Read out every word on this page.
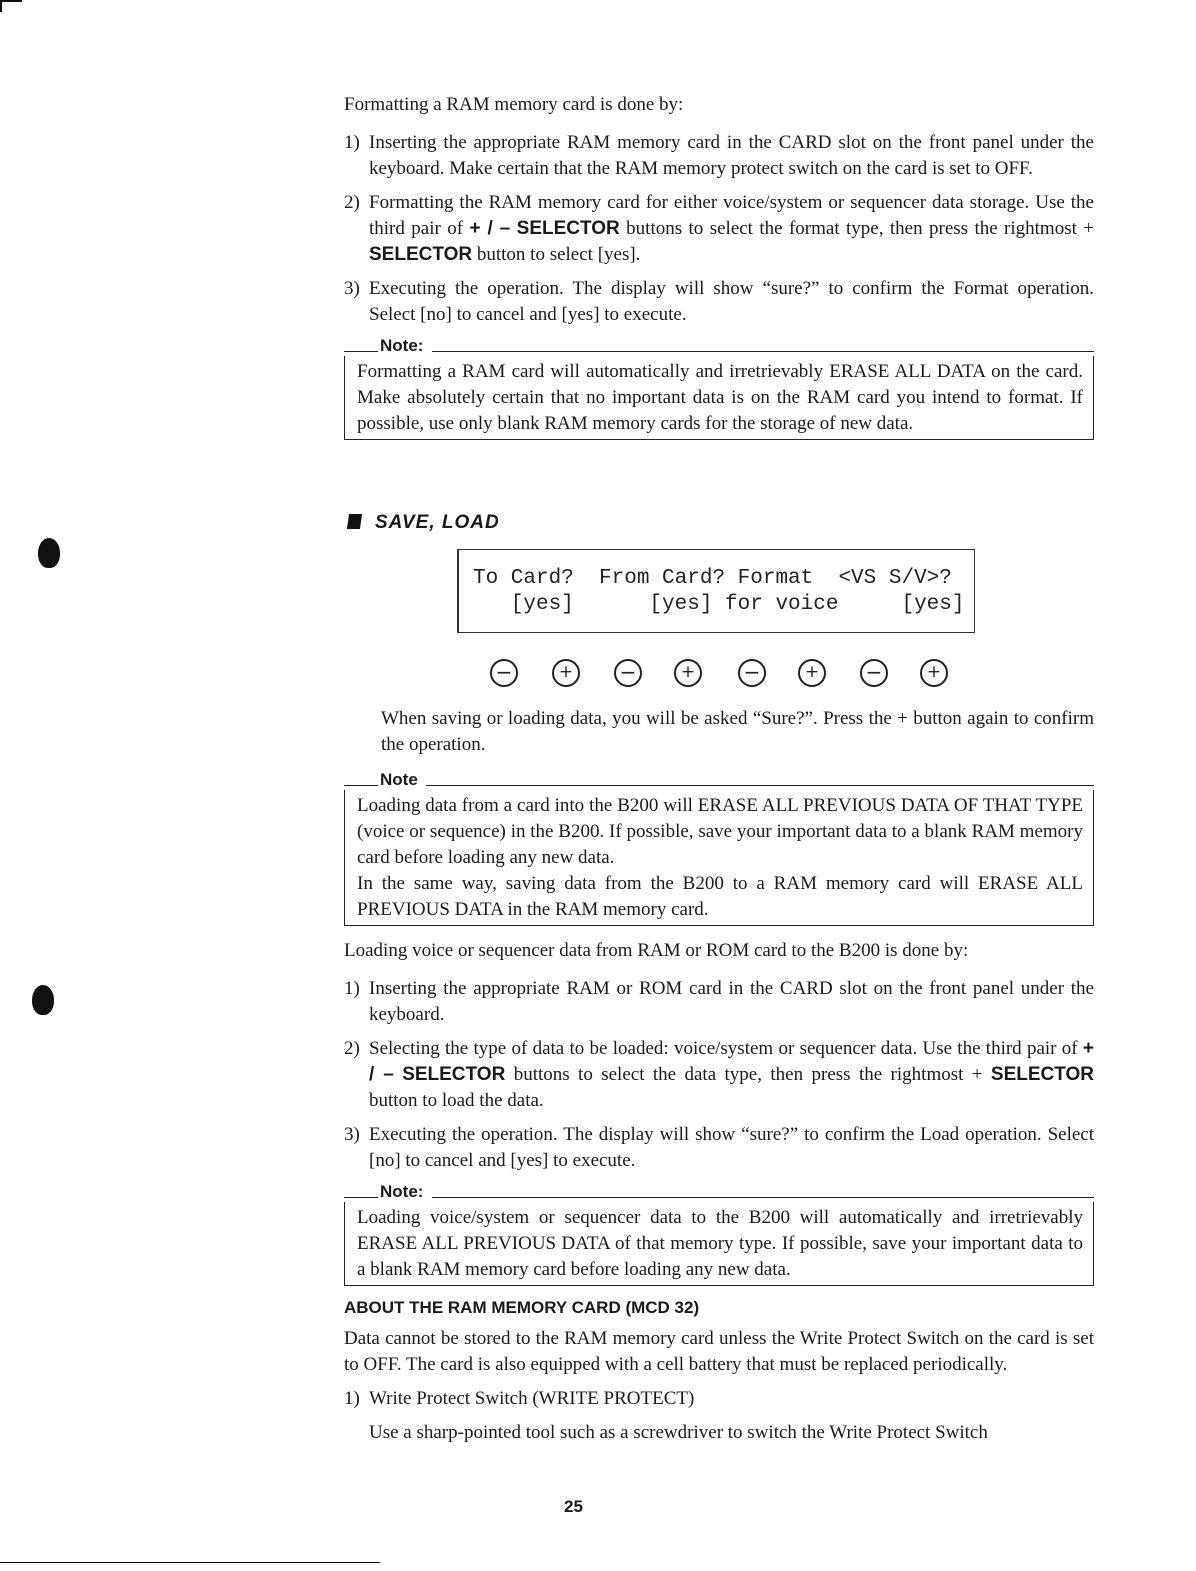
Formatting a RAM memory card is done by:

1) Inserting the appropriate RAM memory card in the CARD slot on the front panel under the keyboard. Make certain that the RAM memory protect switch on the card is set to OFF.
2) Formatting the RAM memory card for either voice/system or sequencer data storage. Use the third pair of + / – SELECTOR buttons to select the format type, then press the rightmost + SELECTOR button to select [yes].
3) Executing the operation. The display will show “sure?” to confirm the Format operation. Select [no] to cancel and [yes] to execute.
Note:
Formatting a RAM card will automatically and irretrievably ERASE ALL DATA on the card. Make absolutely certain that no important data is on the RAM card you intend to format. If possible, use only blank RAM memory cards for the storage of new data.
SAVE, LOAD

To Card?  From Card? Format  <VS S/V>?

[yes]      [yes] for voice     [yes]

−	+	−	+	−	+	−	+

When saving or loading data, you will be asked “Sure?”. Press the + button again to confirm the operation.

Note
Loading data from a card into the B200 will ERASE ALL PREVIOUS DATA OF THAT TYPE (voice or sequence) in the B200. If possible, save your important data to a blank RAM memory card before loading any new data.
In the same way, saving data from the B200 to a RAM memory card will ERASE ALL PREVIOUS DATA in the RAM memory card.

Loading voice or sequencer data from RAM or ROM card to the B200 is done by:

1) Inserting the appropriate RAM or ROM card in the CARD slot on the front panel under the keyboard.
2) Selecting the type of data to be loaded: voice/system or sequencer data. Use the third pair of + / – SELECTOR buttons to select the data type, then press the rightmost + SELECTOR button to load the data.
3) Executing the operation. The display will show “sure?” to confirm the Load operation. Select [no] to cancel and [yes] to execute.
Note:
Loading voice/system or sequencer data to the B200 will automatically and irretrievably ERASE ALL PREVIOUS DATA of that memory type. If possible, save your important data to a blank RAM memory card before loading any new data.

ABOUT THE RAM MEMORY CARD (MCD 32)

Data cannot be stored to the RAM memory card unless the Write Protect Switch on the card is set to OFF. The card is also equipped with a cell battery that must be replaced periodically.

1) Write Protect Switch (WRITE PROTECT)
Use a sharp-pointed tool such as a screwdriver to switch the Write Protect Switch
25
